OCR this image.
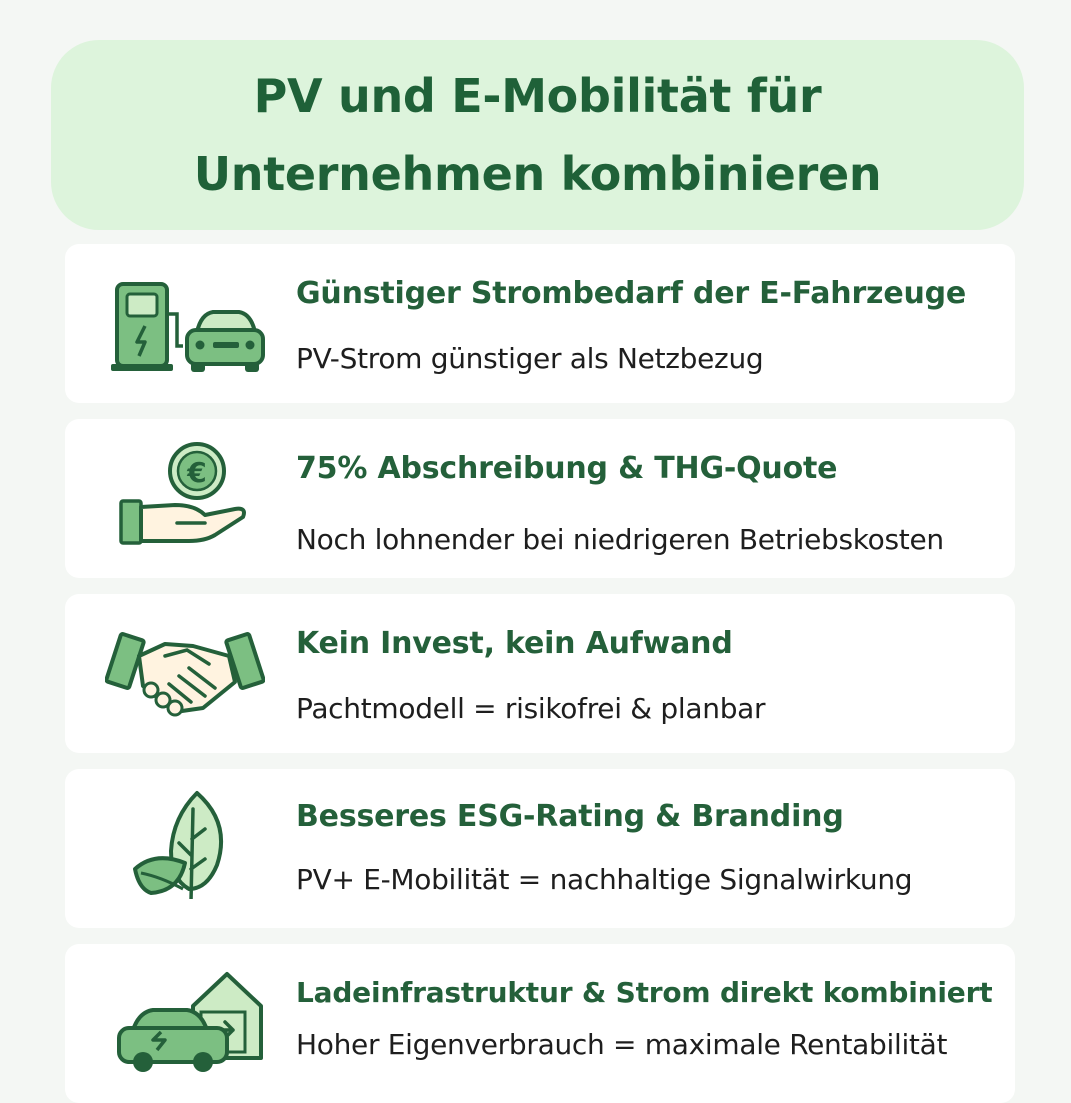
PV und E-Mobilität für
Unternehmen kombinieren

Günstiger Strombedarf der E-Fahrzeuge

PV-Strom günstiger als Netzbezug

€	75% Abschreibung & THG-Quote

Noch lohnender bei niedrigeren Betriebskosten

Kein Invest, kein Aufwand

Pachtmodell = risikofrei & planbar

Besseres ESG-Rating & Branding

PV+ E-Mobilität = nachhaltige Signalwirkung

Ladeinfrastruktur & Strom direkt kombiniert

Hoher Eigenverbrauch = maximale Rentabilität
